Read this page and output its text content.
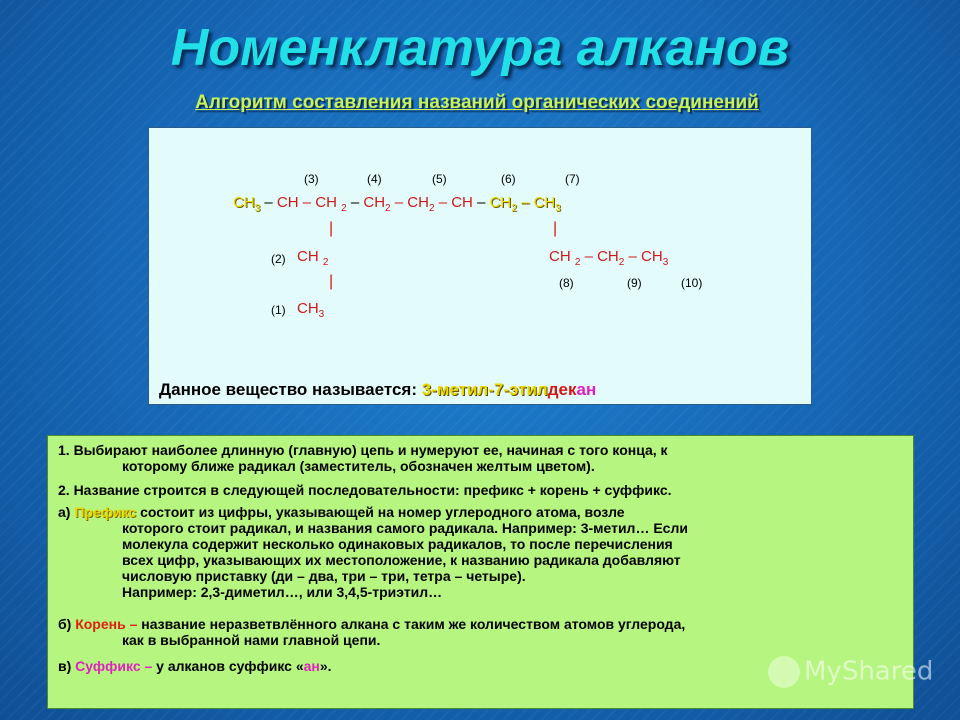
Номенклатура алканов
Алгоритм составления названий органических соединений
(3)	(4)	(5)	(6)	(7)
$CH_3$ – CH – CH $_2 - CH_2 - CH_2$ – CH – $CH_2 - CH_3$
|	|
(2) CH $_2$
|
(1) $CH_3$
CH $_2 - CH_2 - CH_3$
(8)	(9)	(10)
Данное вещество называется: 3-метил-7-этилдекан
1. Выбирают наиболее длинную (главную) цепь и нумеруют ее, начиная с того конца, к
которому ближе радикал (заместитель, обозначен желтым цветом).
2. Название строится в следующей последовательности: префикс + корень + суффикс.
а) Префикс состоит из цифры, указывающей на номер углеродного атома, возле
которого стоит радикал, и названия самого радикала. Например: 3-метил… Если
молекула содержит несколько одинаковых радикалов, то после перечисления
всех цифр, указывающих их местоположение, к названию радикала добавляют
числовую приставку (ди – два, три – три, тетра – четыре).
Например: 2,3-диметил…, или 3,4,5-триэтил…
б) Корень – название неразветвлённого алкана с таким же количеством атомов углерода,
как в выбранной нами главной цепи.
в) Суффикс – у алканов суффикс «ан».	MyShared
